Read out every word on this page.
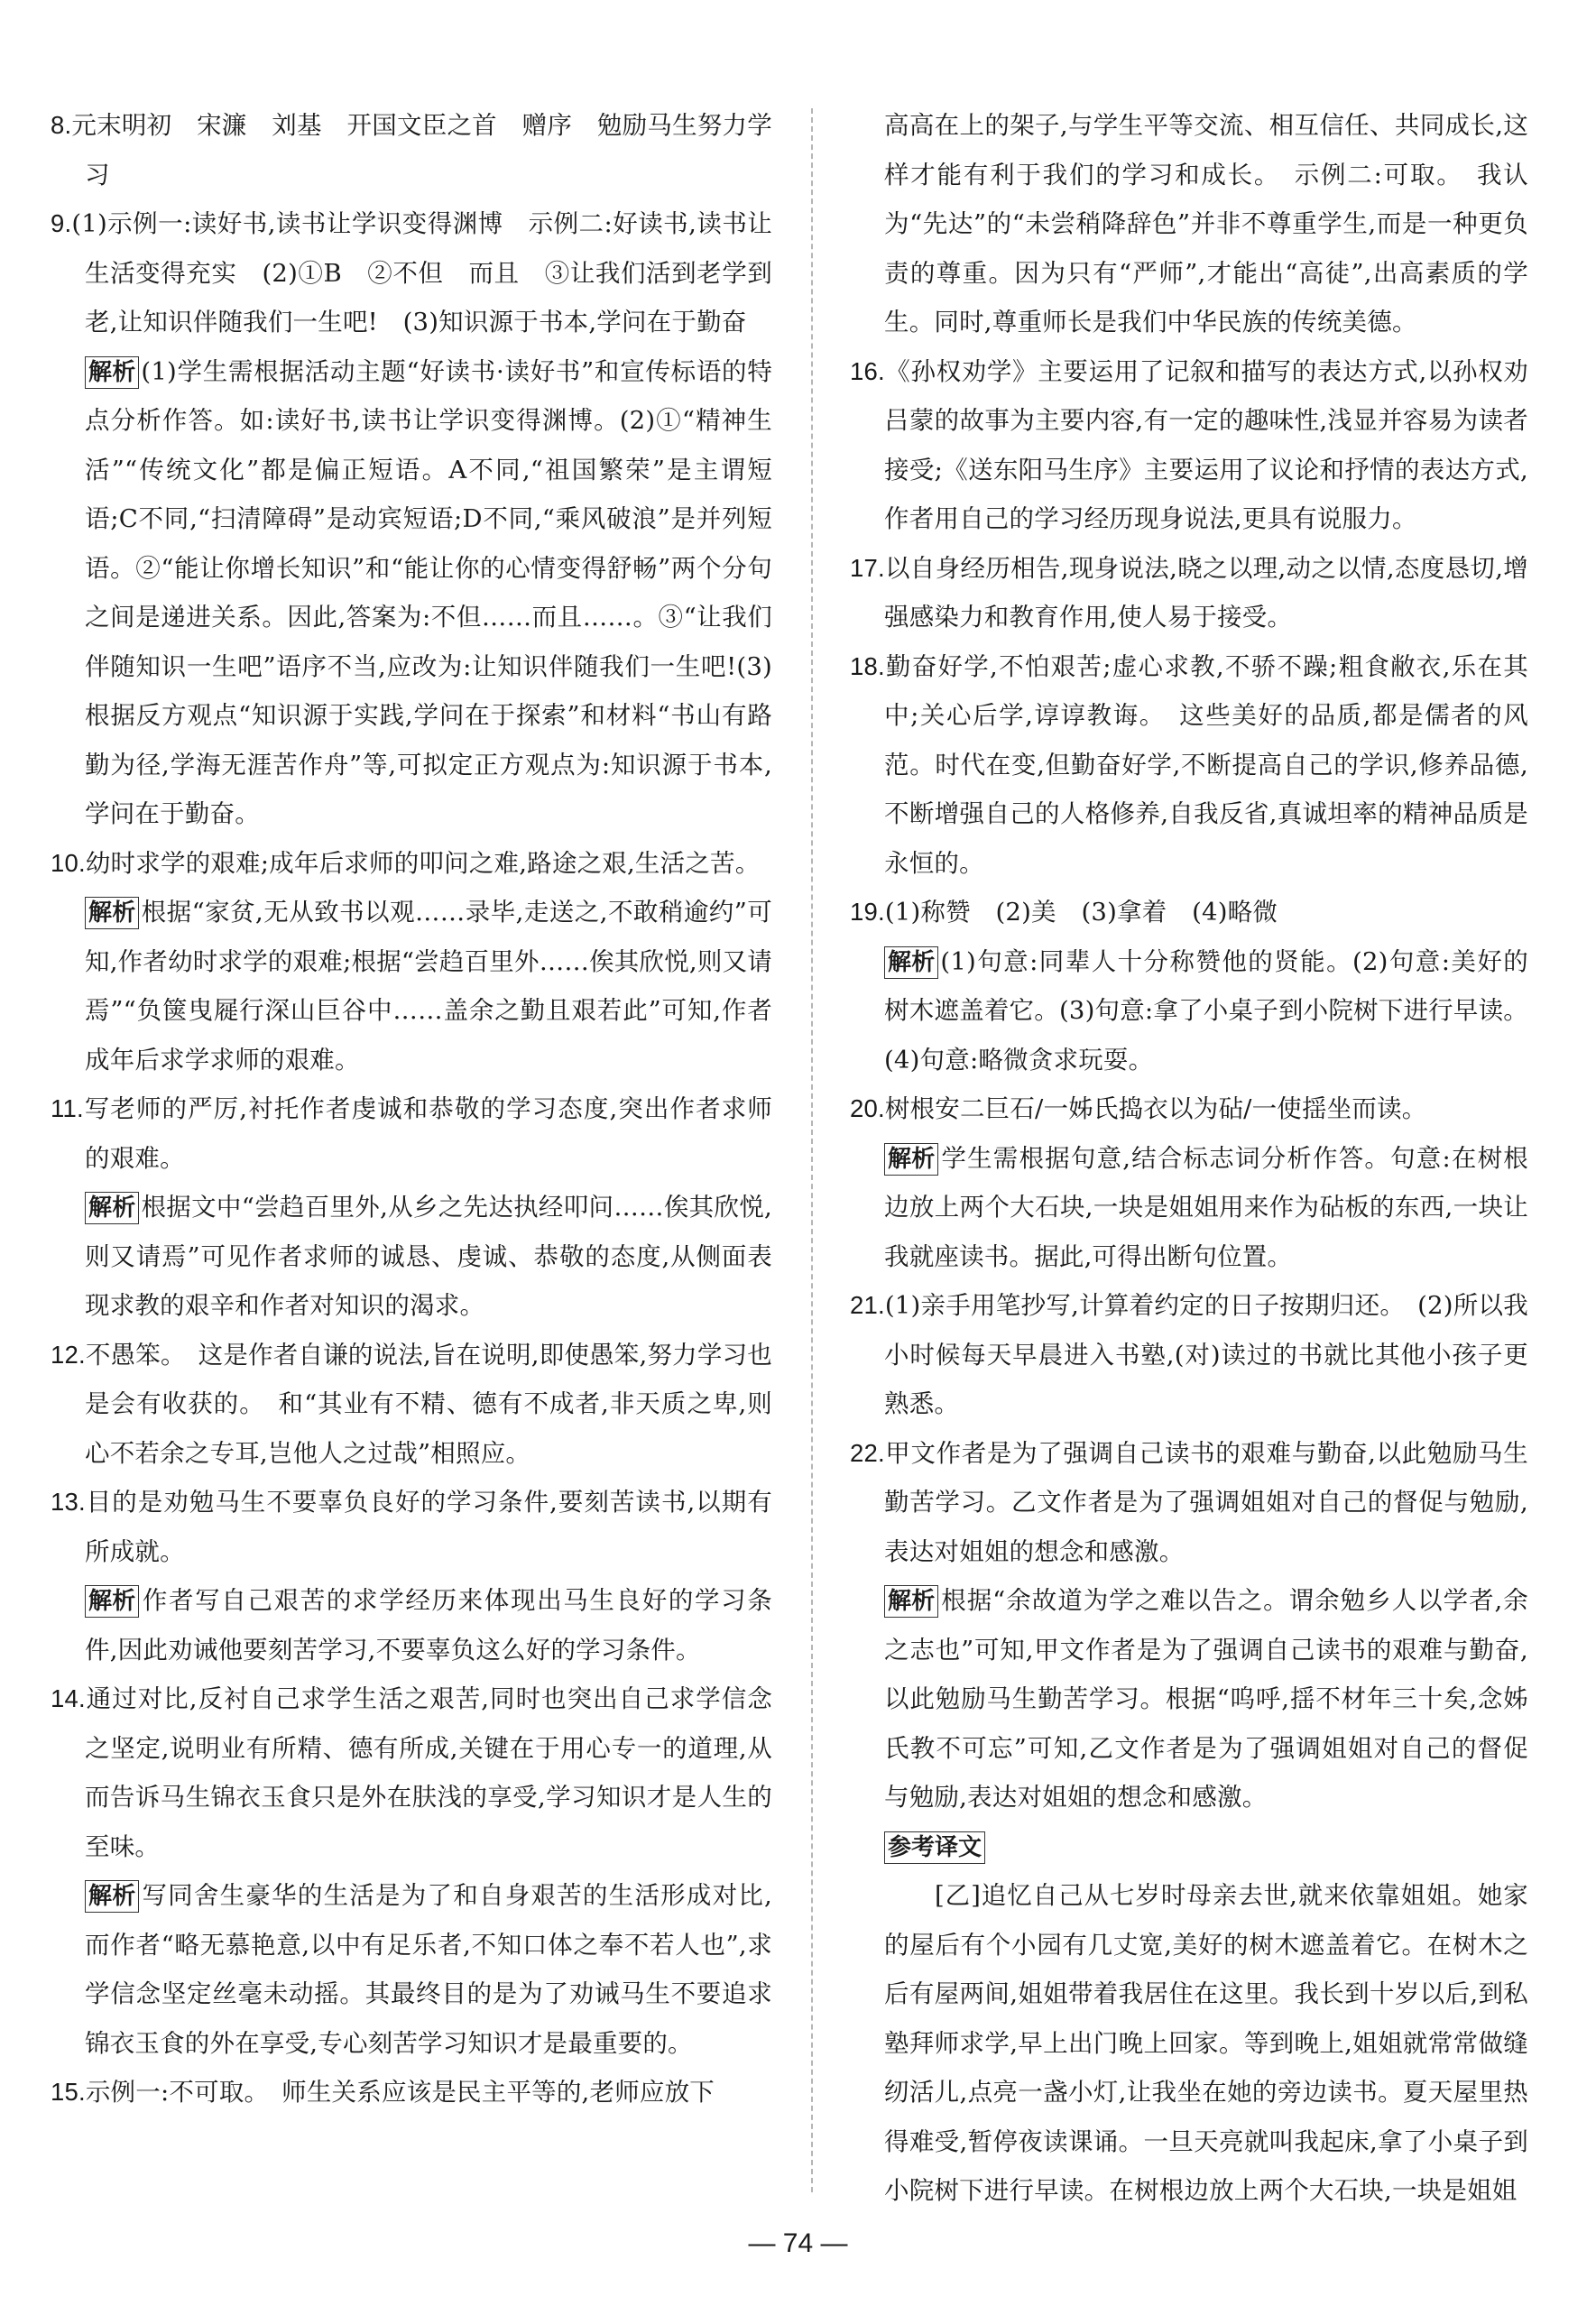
8.元末明初　宋濂　刘基　开国文臣之首　赠序　勉励马生努力学习

9.(1)示例一:读好书,读书让学识变得渊博　示例二:好读书,读书让生活变得充实　(2)①B　②不但　而且　③让我们活到老学到老,让知识伴随我们一生吧!　(3)知识源于书本,学问在于勤奋

解析 (1)学生需根据活动主题“好读书·读好书”和宣传标语的特点分析作答。如:读好书,读书让学识变得渊博。(2)①“精神生活”“传统文化”都是偏正短语。A不同,“祖国繁荣”是主谓短语;C不同,“扫清障碍”是动宾短语;D不同,“乘风破浪”是并列短语。②“能让你增长知识”和“能让你的心情变得舒畅”两个分句之间是递进关系。因此,答案为:不但……而且……。③“让我们伴随知识一生吧”语序不当,应改为:让知识伴随我们一生吧!(3)根据反方观点“知识源于实践,学问在于探索”和材料“书山有路勤为径,学海无涯苦作舟”等,可拟定正方观点为:知识源于书本,学问在于勤奋。

10.幼时求学的艰难;成年后求师的叩问之难,路途之艰,生活之苦。

解析 根据“家贫,无从致书以观……录毕,走送之,不敢稍逾约”可知,作者幼时求学的艰难;根据“尝趋百里外……俟其欣悦,则又请焉”“负箧曳屣行深山巨谷中……盖余之勤且艰若此”可知,作者成年后求学求师的艰难。

11.写老师的严厉,衬托作者虔诚和恭敬的学习态度,突出作者求师的艰难。

解析 根据文中“尝趋百里外,从乡之先达执经叩问……俟其欣悦,则又请焉”可见作者求师的诚恳、虔诚、恭敬的态度,从侧面表现求教的艰辛和作者对知识的渴求。

12.不愚笨。　这是作者自谦的说法,旨在说明,即使愚笨,努力学习也是会有收获的。　和“其业有不精、德有不成者,非天质之卑,则心不若余之专耳,岂他人之过哉”相照应。

13.目的是劝勉马生不要辜负良好的学习条件,要刻苦读书,以期有所成就。

解析 作者写自己艰苦的求学经历来体现出马生良好的学习条件,因此劝诫他要刻苦学习,不要辜负这么好的学习条件。

14.通过对比,反衬自己求学生活之艰苦,同时也突出自己求学信念之坚定,说明业有所精、德有所成,关键在于用心专一的道理,从而告诉马生锦衣玉食只是外在肤浅的享受,学习知识才是人生的至味。

解析 写同舍生豪华的生活是为了和自身艰苦的生活形成对比,而作者“略无慕艳意,以中有足乐者,不知口体之奉不若人也”,求学信念坚定丝毫未动摇。其最终目的是为了劝诫马生不要追求锦衣玉食的外在享受,专心刻苦学习知识才是最重要的。

15.示例一:不可取。　师生关系应该是民主平等的,老师应放下

高高在上的架子,与学生平等交流、相互信任、共同成长,这样才能有利于我们的学习和成长。　示例二:可取。　我认为“先达”的“未尝稍降辞色”并非不尊重学生,而是一种更负责的尊重。因为只有“严师”,才能出“高徒”,出高素质的学生。同时,尊重师长是我们中华民族的传统美德。

16.《孙权劝学》主要运用了记叙和描写的表达方式,以孙权劝吕蒙的故事为主要内容,有一定的趣味性,浅显并容易为读者接受;《送东阳马生序》主要运用了议论和抒情的表达方式,作者用自己的学习经历现身说法,更具有说服力。

17.以自身经历相告,现身说法,晓之以理,动之以情,态度恳切,增强感染力和教育作用,使人易于接受。

18.勤奋好学,不怕艰苦;虚心求教,不骄不躁;粗食敝衣,乐在其中;关心后学,谆谆教诲。　这些美好的品质,都是儒者的风范。时代在变,但勤奋好学,不断提高自己的学识,修养品德,不断增强自己的人格修养,自我反省,真诚坦率的精神品质是永恒的。

19.(1)称赞　(2)美　(3)拿着　(4)略微

解析 (1)句意:同辈人十分称赞他的贤能。(2)句意:美好的树木遮盖着它。(3)句意:拿了小桌子到小院树下进行早读。(4)句意:略微贪求玩耍。

20.树根安二巨石/一姊氏捣衣以为砧/一使揺坐而读。

解析 学生需根据句意,结合标志词分析作答。句意:在树根边放上两个大石块,一块是姐姐用来作为砧板的东西,一块让我就座读书。据此,可得出断句位置。

21.(1)亲手用笔抄写,计算着约定的日子按期归还。　(2)所以我小时候每天早晨进入书塾,(对)读过的书就比其他小孩子更熟悉。

22.甲文作者是为了强调自己读书的艰难与勤奋,以此勉励马生勤苦学习。乙文作者是为了强调姐姐对自己的督促与勉励,表达对姐姐的想念和感激。

解析 根据“余故道为学之难以告之。谓余勉乡人以学者,余之志也”可知,甲文作者是为了强调自己读书的艰难与勤奋,以此勉励马生勤苦学习。根据“呜呼,揺不材年三十矣,念姊氏教不可忘”可知,乙文作者是为了强调姐姐对自己的督促与勉励,表达对姐姐的想念和感激。

参考译文

[乙]追忆自己从七岁时母亲去世,就来依靠姐姐。她家的屋后有个小园有几丈宽,美好的树木遮盖着它。在树木之后有屋两间,姐姐带着我居住在这里。我长到十岁以后,到私塾拜师求学,早上出门晚上回家。等到晚上,姐姐就常常做缝纫活儿,点亮一盏小灯,让我坐在她的旁边读书。夏天屋里热得难受,暂停夜读课诵。一旦天亮就叫我起床,拿了小桌子到小院树下进行早读。在树根边放上两个大石块,一块是姐姐

— 74 —
